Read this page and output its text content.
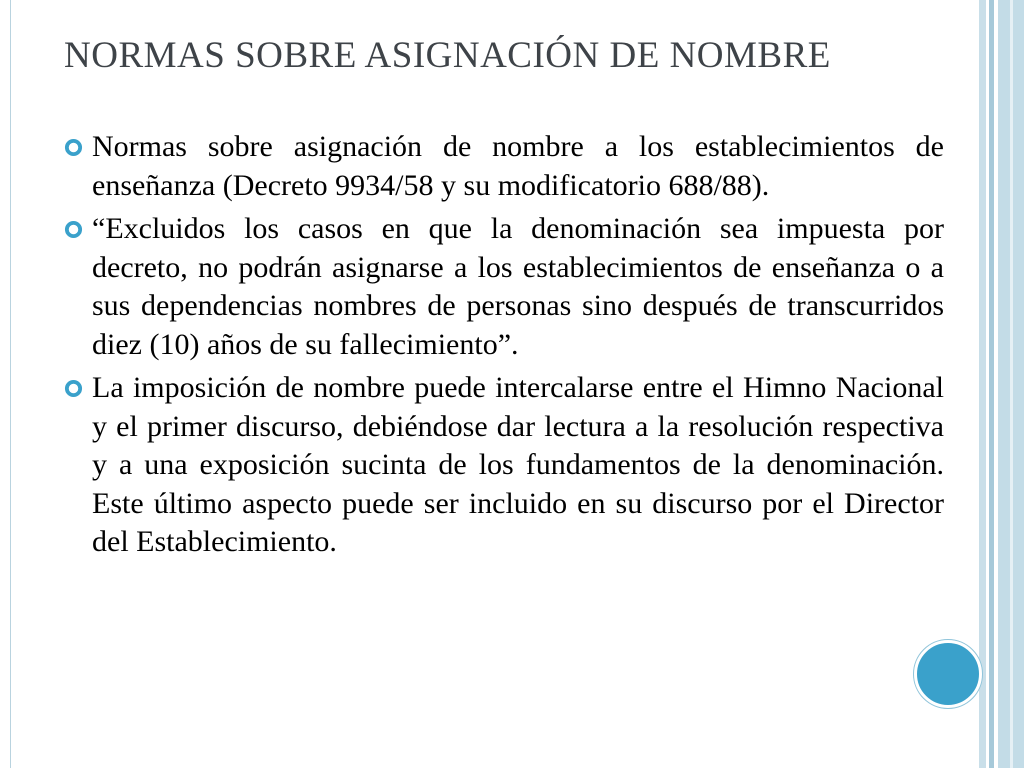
NORMAS SOBRE ASIGNACIÓN DE NOMBRE
Normas sobre asignación de nombre a los establecimientos de enseñanza (Decreto 9934/58 y su modificatorio 688/88).
“Excluidos los casos en que la denominación sea impuesta por decreto, no podrán asignarse a los establecimientos de enseñanza o a sus dependencias nombres de personas sino después de transcurridos diez (10) años de su fallecimiento”.
La imposición de nombre puede intercalarse entre el Himno Nacional y el primer discurso, debiéndose dar lectura a la resolución respectiva y a una exposición sucinta de los fundamentos de la denominación. Este último aspecto puede ser incluido en su discurso por el Director del Establecimiento.
